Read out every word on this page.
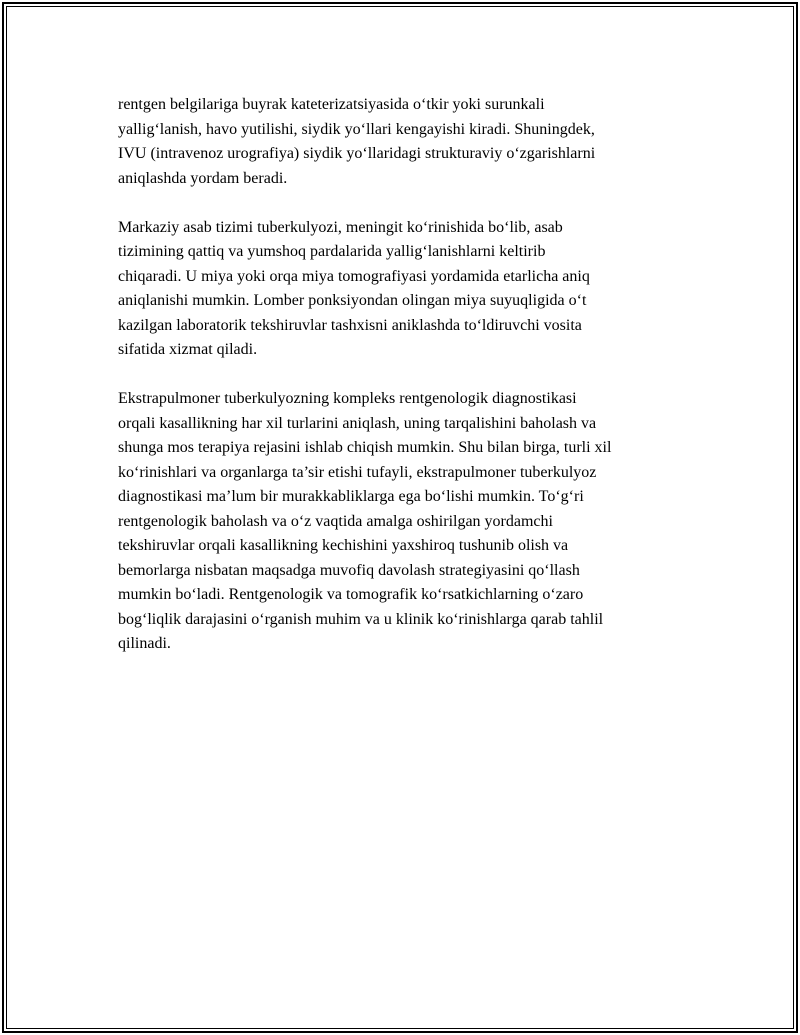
rentgen belgilariga buyrak kateterizatsiyasida o‘tkir yoki surunkali
yallig‘lanish, havo yutilishi, siydik yo‘llari kengayishi kiradi. Shuningdek,
IVU (intravenoz urografiya) siydik yo‘llaridagi strukturaviy o‘zgarishlarni
aniqlashda yordam beradi.

Markaziy asab tizimi tuberkulyozi, meningit ko‘rinishida bo‘lib, asab
tizimining qattiq va yumshoq pardalarida yallig‘lanishlarni keltirib
chiqaradi. U miya yoki orqa miya tomografiyasi yordamida etarlicha aniq
aniqlanishi mumkin. Lomber ponksiyondan olingan miya suyuqligida o‘t
kazilgan laboratorik tekshiruvlar tashxisni aniklashda to‘ldiruvchi vosita
sifatida xizmat qiladi.

Ekstrapulmoner tuberkulyozning kompleks rentgenologik diagnostikasi
orqali kasallikning har xil turlarini aniqlash, uning tarqalishini baholash va
shunga mos terapiya rejasini ishlab chiqish mumkin. Shu bilan birga, turli xil
ko‘rinishlari va organlarga ta’sir etishi tufayli, ekstrapulmoner tuberkulyoz
diagnostikasi ma’lum bir murakkabliklarga ega bo‘lishi mumkin. To‘g‘ri
rentgenologik baholash va o‘z vaqtida amalga oshirilgan yordamchi
tekshiruvlar orqali kasallikning kechishini yaxshiroq tushunib olish va
bemorlarga nisbatan maqsadga muvofiq davolash strategiyasini qo‘llash
mumkin bo‘ladi. Rentgenologik va tomografik ko‘rsatkichlarning o‘zaro
bog‘liqlik darajasini o‘rganish muhim va u klinik ko‘rinishlarga qarab tahlil
qilinadi.
